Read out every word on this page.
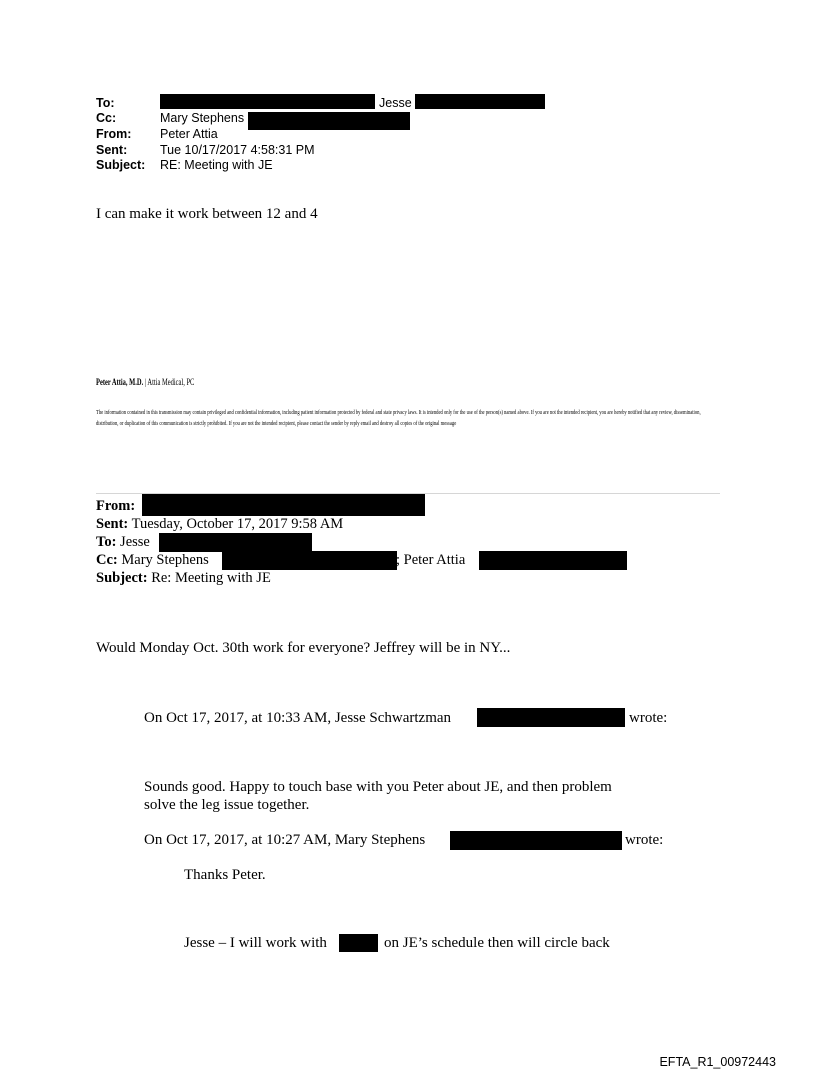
To:	Jesse
Cc:	Mary Stephens
From: Peter Attia
Sent:	Tue 10/17/2017 4:58:31 PM
Subject: RE: Meeting with JE
I can make it work between 12 and 4
Peter Attia, M.D. | Attia Medical, PC
The information contained in this transmission may contain privileged and confidential information, including patient information protected by federal and state privacy laws. It is intended only for the use of the person(s) named above. If you are not the intended recipient, you are hereby notified that any review, dissemination, distribution, or duplication of this communication is strictly prohibited. If you are not the intended recipient, please contact the sender by reply email and destroy all copies of the original message
From:
Sent: Tuesday, October 17, 2017 9:58 AM
To: Jesse
Cc: Mary Stephens	; Peter Attia
Subject: Re: Meeting with JE
Would Monday Oct. 30th work for everyone? Jeffrey will be in NY...
On Oct 17, 2017, at 10:33 AM, Jesse Schwartzman	wrote:
Sounds good. Happy to touch base with you Peter about JE, and then problem
solve the leg issue together.
On Oct 17, 2017, at 10:27 AM, Mary Stephens	wrote:
Thanks Peter.
Jesse – I will work with	on JE’s schedule then will circle back
EFTA_R1_00972443
